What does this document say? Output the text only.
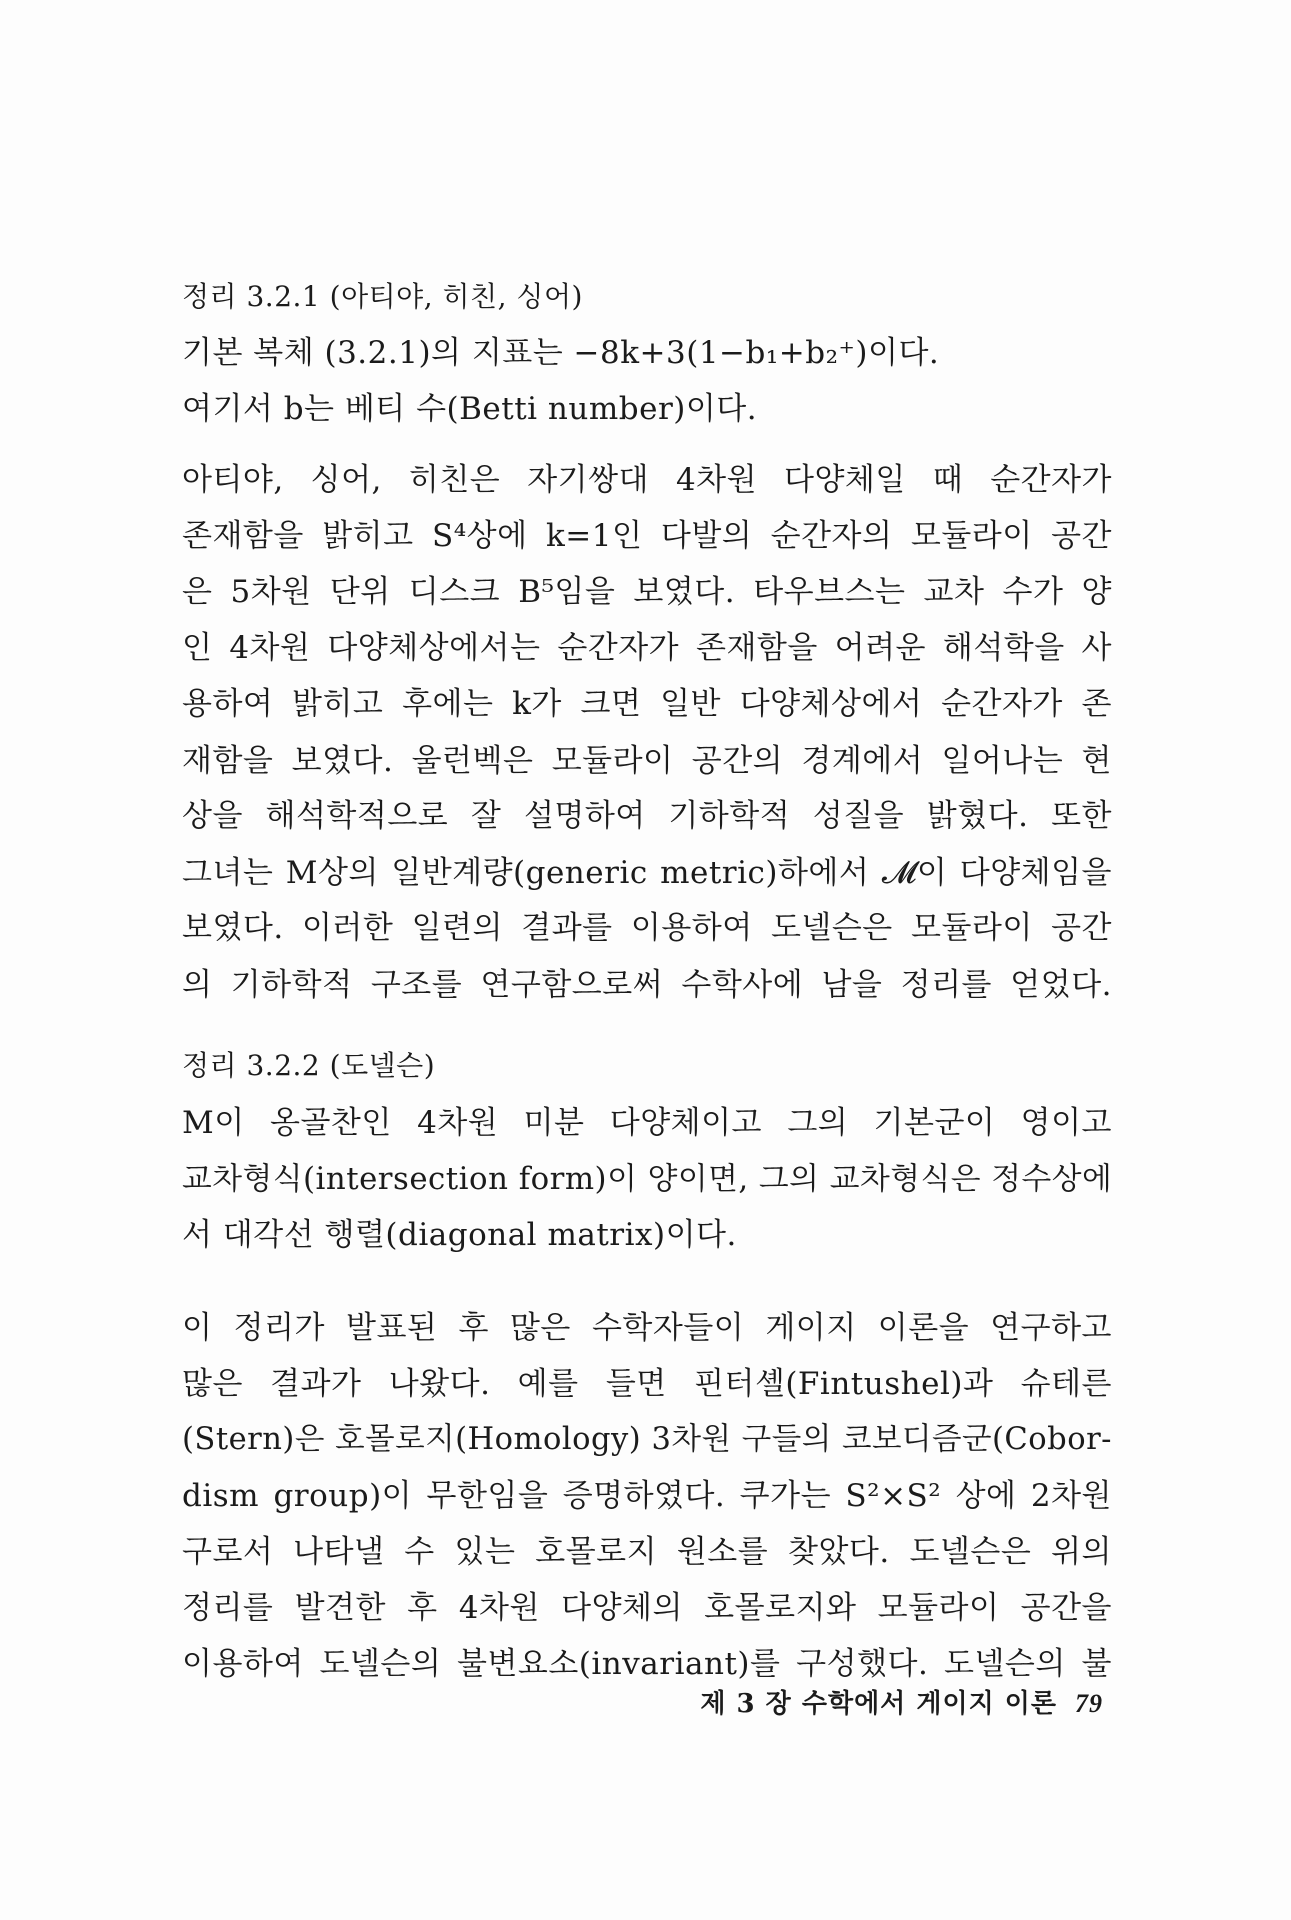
정리 3.2.1 (아티야, 히친, 싱어)
기본 복체 (3.2.1)의 지표는 −8k+3(1−b₁+b₂⁺)이다.
여기서 b는 베티 수(Betti number)이다.
아티야, 싱어, 히친은 자기쌍대 4차원 다양체일 때 순간자가
존재함을 밝히고 S⁴상에 k=1인 다발의 순간자의 모듈라이 공간
은 5차원 단위 디스크 B⁵임을 보였다. 타우브스는 교차 수가 양
인 4차원 다양체상에서는 순간자가 존재함을 어려운 해석학을 사
용하여 밝히고 후에는 k가 크면 일반 다양체상에서 순간자가 존
재함을 보였다. 울런벡은 모듈라이 공간의 경계에서 일어나는 현
상을 해석학적으로 잘 설명하여 기하학적 성질을 밝혔다. 또한
그녀는 M상의 일반계량(generic metric)하에서 𝓜이 다양체임을
보였다. 이러한 일련의 결과를 이용하여 도넬슨은 모듈라이 공간
의 기하학적 구조를 연구함으로써 수학사에 남을 정리를 얻었다.
정리 3.2.2 (도넬슨)
M이 옹골찬인 4차원 미분 다양체이고 그의 기본군이 영이고
교차형식(intersection form)이 양이면, 그의 교차형식은 정수상에
서 대각선 행렬(diagonal matrix)이다.
이 정리가 발표된 후 많은 수학자들이 게이지 이론을 연구하고
많은 결과가 나왔다. 예를 들면 핀터셸(Fintushel)과 슈테른
(Stern)은 호몰로지(Homology) 3차원 구들의 코보디즘군(Cobor-
dism group)이 무한임을 증명하였다. 쿠가는 S²×S² 상에 2차원
구로서 나타낼 수 있는 호몰로지 원소를 찾았다. 도넬슨은 위의
정리를 발견한 후 4차원 다양체의 호몰로지와 모듈라이 공간을
이용하여 도넬슨의 불변요소(invariant)를 구성했다. 도넬슨의 불
제 3 장 수학에서 게이지 이론 79
